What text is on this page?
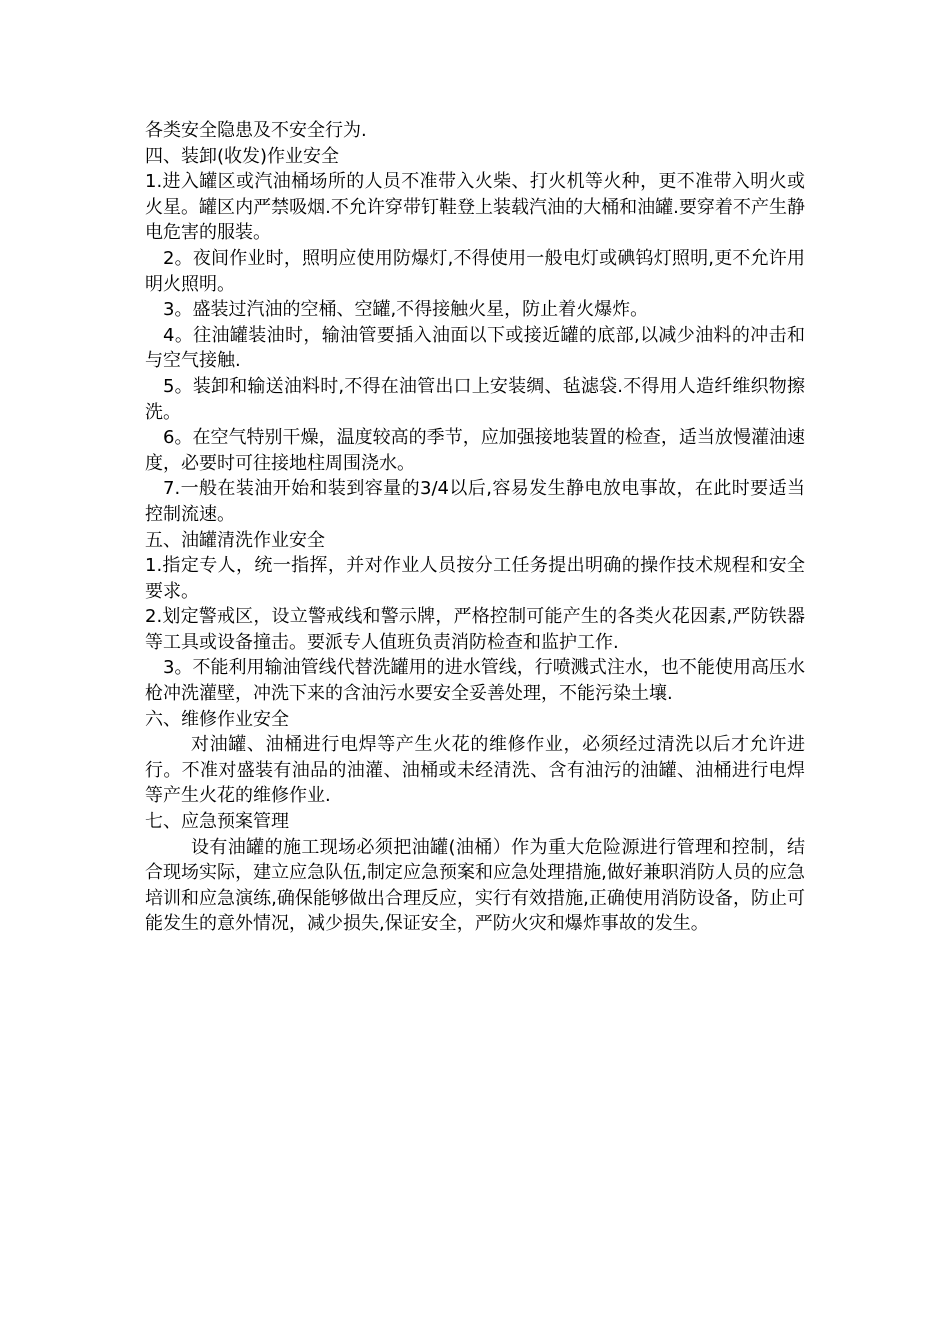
各类安全隐患及不安全行为.

四、装卸(收发)作业安全

1.进入罐区或汽油桶场所的人员不准带入火柴、打火机等火种，更不准带入明火或火星。罐区内严禁吸烟.不允许穿带钉鞋登上装载汽油的大桶和油罐.要穿着不产生静电危害的服装。

2。夜间作业时，照明应使用防爆灯,不得使用一般电灯或碘钨灯照明,更不允许用明火照明。

3。盛装过汽油的空桶、空罐,不得接触火星，防止着火爆炸。

4。往油罐装油时，输油管要插入油面以下或接近罐的底部,以减少油料的冲击和与空气接触.

5。装卸和输送油料时,不得在油管出口上安装绸、毡滤袋.不得用人造纤维织物擦洗。

6。在空气特别干燥，温度较高的季节，应加强接地装置的检查，适当放慢灌油速度，必要时可往接地柱周围浇水。

7.一般在装油开始和装到容量的3/4以后,容易发生静电放电事故，在此时要适当控制流速。

五、油罐清洗作业安全

1.指定专人，统一指挥，并对作业人员按分工任务提出明确的操作技术规程和安全要求。

2.划定警戒区，设立警戒线和警示牌，严格控制可能产生的各类火花因素,严防铁器等工具或设备撞击。要派专人值班负责消防检查和监护工作.

3。不能利用输油管线代替洗罐用的进水管线，行喷溅式注水，也不能使用高压水枪冲洗灌壁，冲洗下来的含油污水要安全妥善处理，不能污染土壤.

六、维修作业安全

对油罐、油桶进行电焊等产生火花的维修作业，必须经过清洗以后才允许进行。不准对盛装有油品的油灌、油桶或未经清洗、含有油污的油罐、油桶进行电焊等产生火花的维修作业.

七、应急预案管理

设有油罐的施工现场必须把油罐(油桶）作为重大危险源进行管理和控制，结合现场实际，建立应急队伍,制定应急预案和应急处理措施,做好兼职消防人员的应急培训和应急演练,确保能够做出合理反应，实行有效措施,正确使用消防设备，防止可能发生的意外情况，减少损失,保证安全，严防火灾和爆炸事故的发生。
